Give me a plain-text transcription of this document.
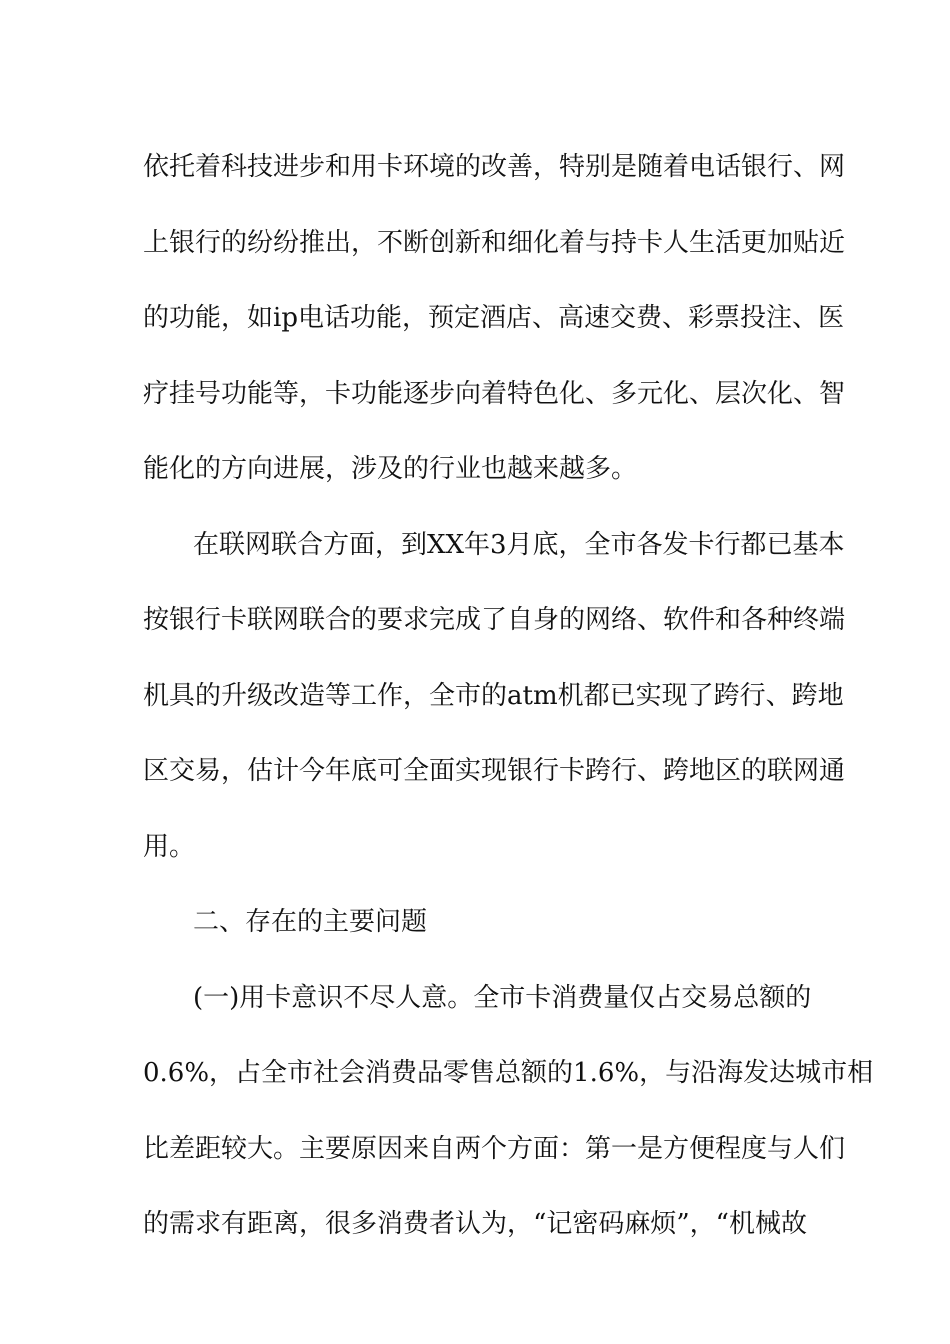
依托着科技进步和用卡环境的改善，特别是随着电话银行、网
上银行的纷纷推出，不断创新和细化着与持卡人生活更加贴近
的功能，如ip电话功能，预定酒店、高速交费、彩票投注、医
疗挂号功能等，卡功能逐步向着特色化、多元化、层次化、智
能化的方向进展，涉及的行业也越来越多。
在联网联合方面，到XX年3月底，全市各发卡行都已基本
按银行卡联网联合的要求完成了自身的网络、软件和各种终端
机具的升级改造等工作，全市的atm机都已实现了跨行、跨地
区交易，估计今年底可全面实现银行卡跨行、跨地区的联网通
用。
二、存在的主要问题
(一)用卡意识不尽人意。全市卡消费量仅占交易总额的
0.6%，占全市社会消费品零售总额的1.6%，与沿海发达城市相
比差距较大。主要原因来自两个方面：第一是方便程度与人们
的需求有距离，很多消费者认为，“记密码麻烦”，“机械故
